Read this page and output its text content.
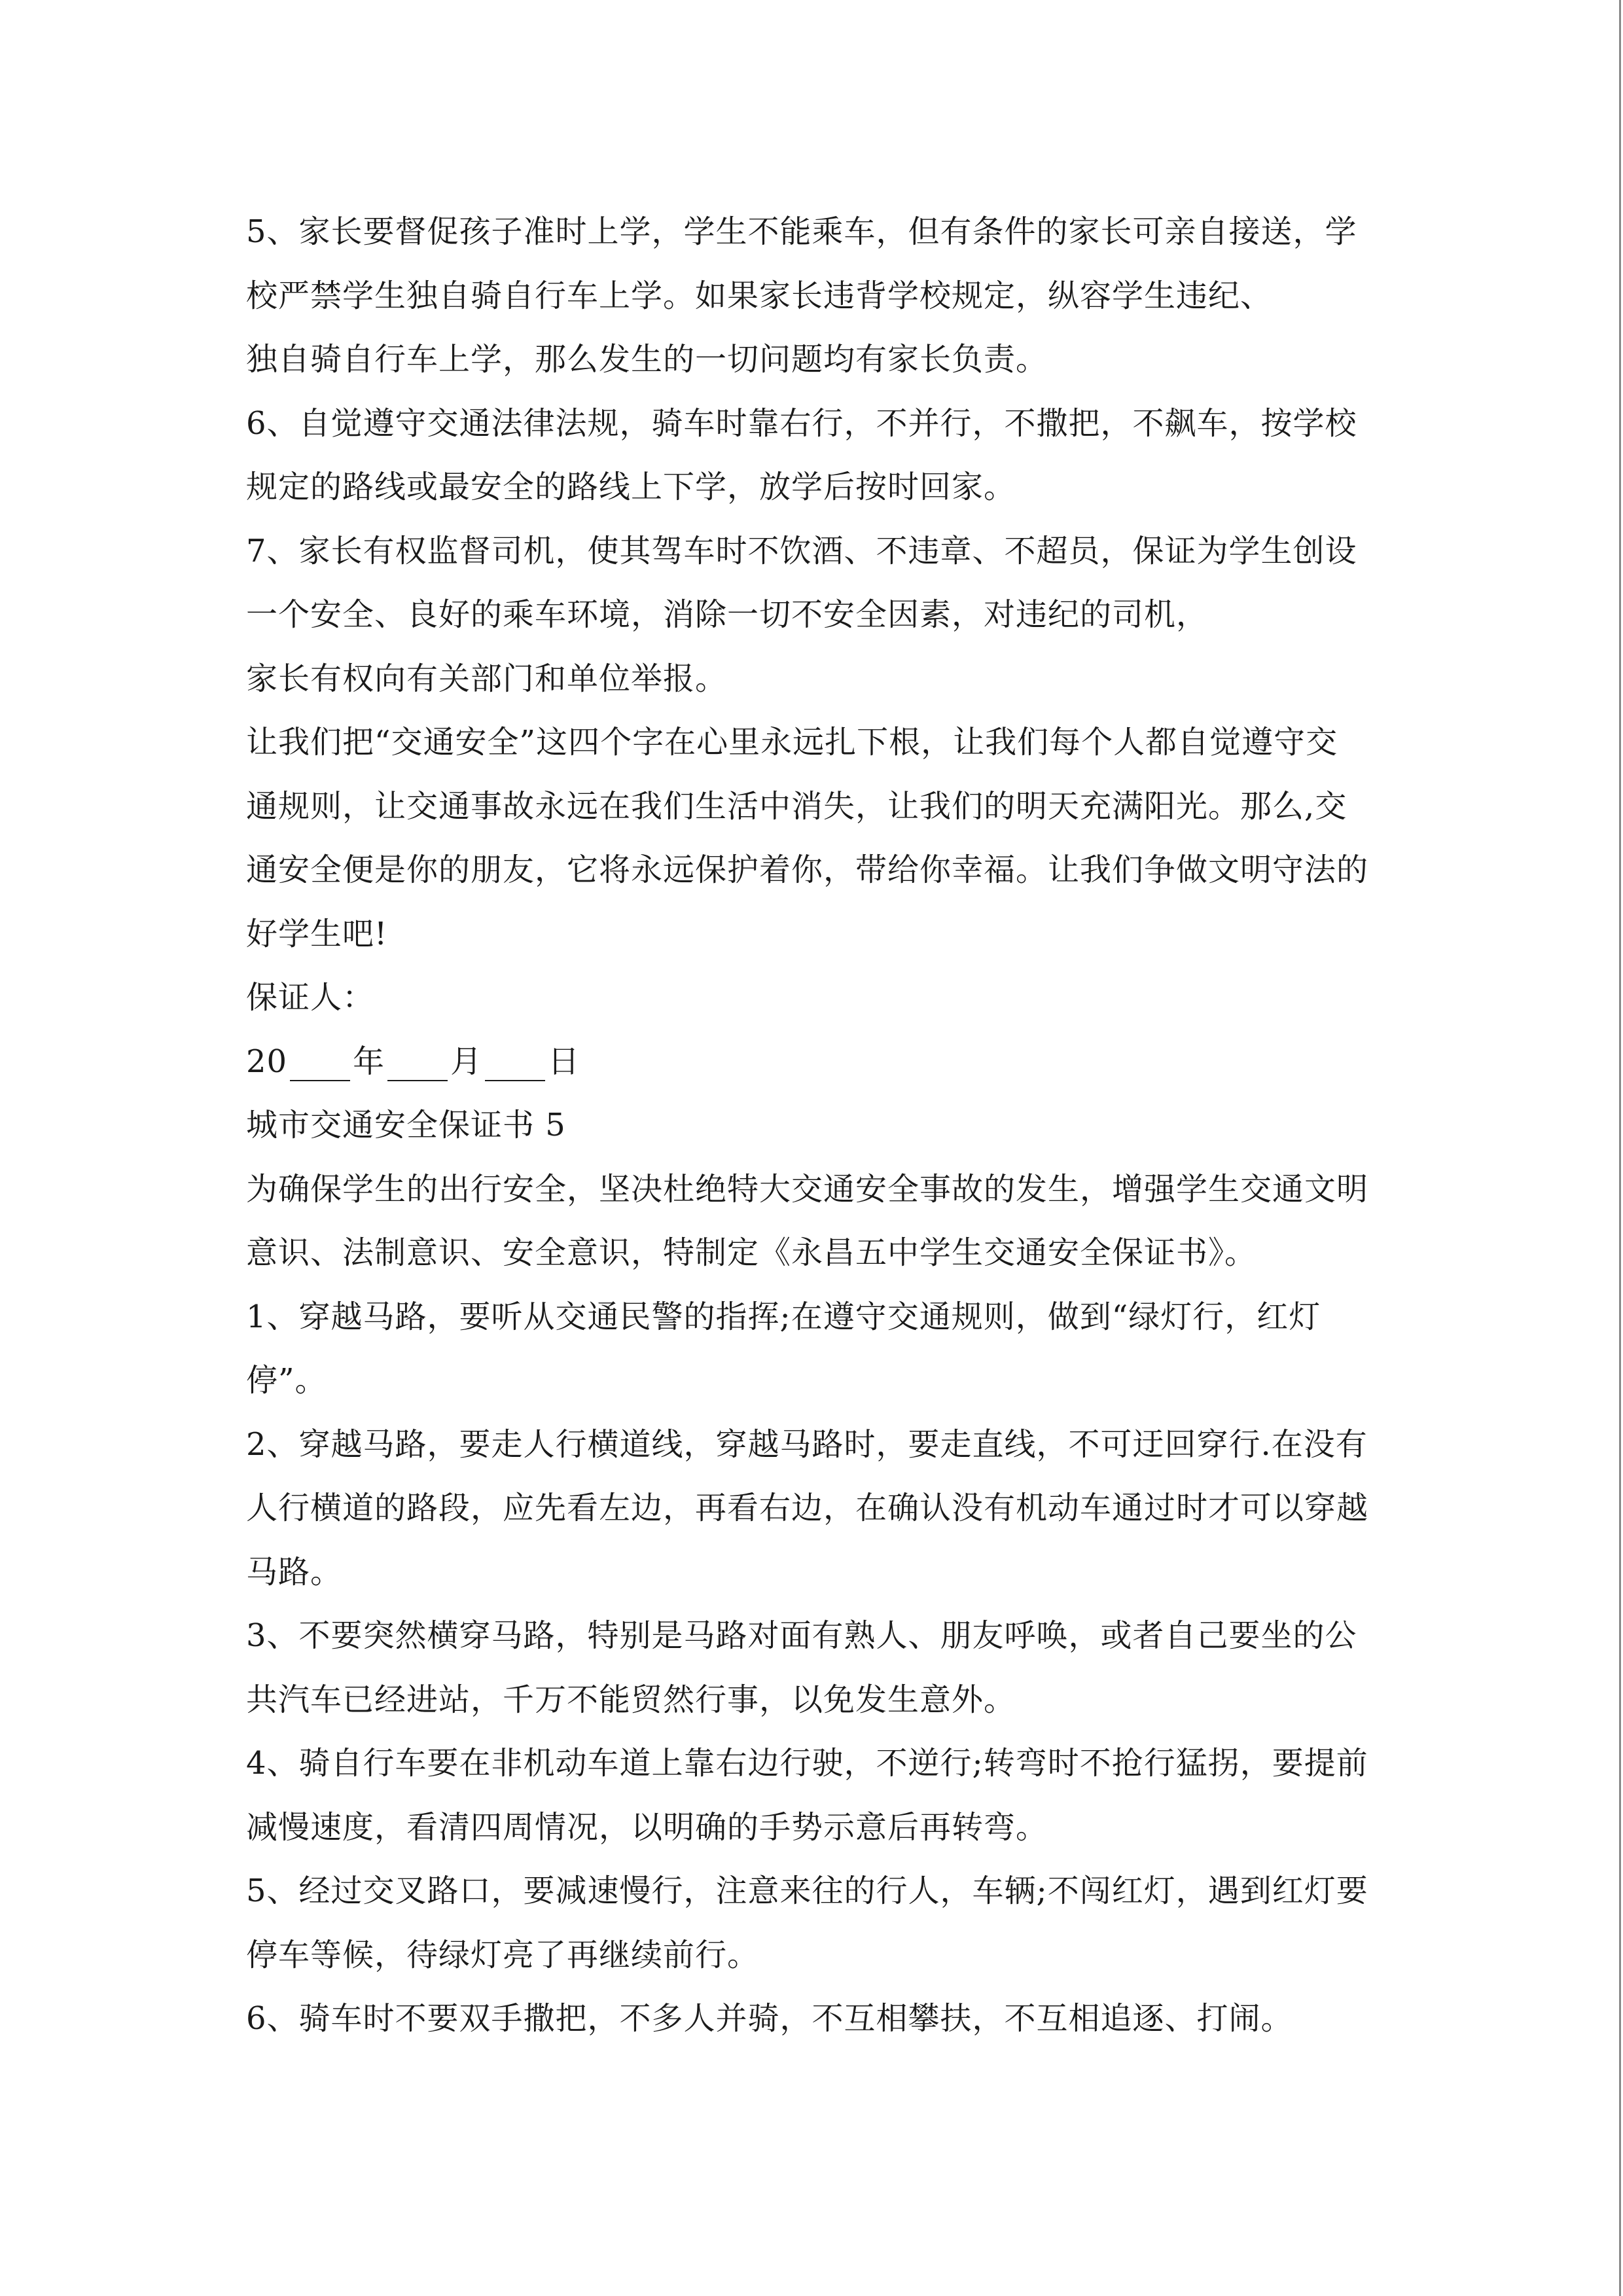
5、家长要督促孩子准时上学，学生不能乘车，但有条件的家长可亲自接送，学
校严禁学生独自骑自行车上学。如果家长违背学校规定，纵容学生违纪、
独自骑自行车上学，那么发生的一切问题均有家长负责。
6、自觉遵守交通法律法规，骑车时靠右行，不并行，不撒把，不飙车，按学校
规定的路线或最安全的路线上下学，放学后按时回家。
7、家长有权监督司机，使其驾车时不饮酒、不违章、不超员，保证为学生创设
一个安全、良好的乘车环境，消除一切不安全因素，对违纪的司机，
家长有权向有关部门和单位举报。
让我们把“交通安全”这四个字在心里永远扎下根，让我们每个人都自觉遵守交
通规则，让交通事故永远在我们生活中消失，让我们的明天充满阳光。那么,交
通安全便是你的朋友，它将永远保护着你，带给你幸福。让我们争做文明守法的
好学生吧!
保证人：
20 年 月 日
城市交通安全保证书 5
为确保学生的出行安全，坚决杜绝特大交通安全事故的发生，增强学生交通文明
意识、法制意识、安全意识，特制定《永昌五中学生交通安全保证书》。
1、穿越马路，要听从交通民警的指挥;在遵守交通规则，做到“绿灯行，红灯
停”。
2、穿越马路，要走人行横道线，穿越马路时，要走直线，不可迂回穿行.在没有
人行横道的路段，应先看左边，再看右边，在确认没有机动车通过时才可以穿越
马路。
3、不要突然横穿马路，特别是马路对面有熟人、朋友呼唤，或者自己要坐的公
共汽车已经进站，千万不能贸然行事，以免发生意外。
4、骑自行车要在非机动车道上靠右边行驶，不逆行;转弯时不抢行猛拐，要提前
减慢速度，看清四周情况，以明确的手势示意后再转弯。
5、经过交叉路口，要减速慢行，注意来往的行人，车辆;不闯红灯，遇到红灯要
停车等候，待绿灯亮了再继续前行。
6、骑车时不要双手撒把，不多人并骑，不互相攀扶，不互相追逐、打闹。
